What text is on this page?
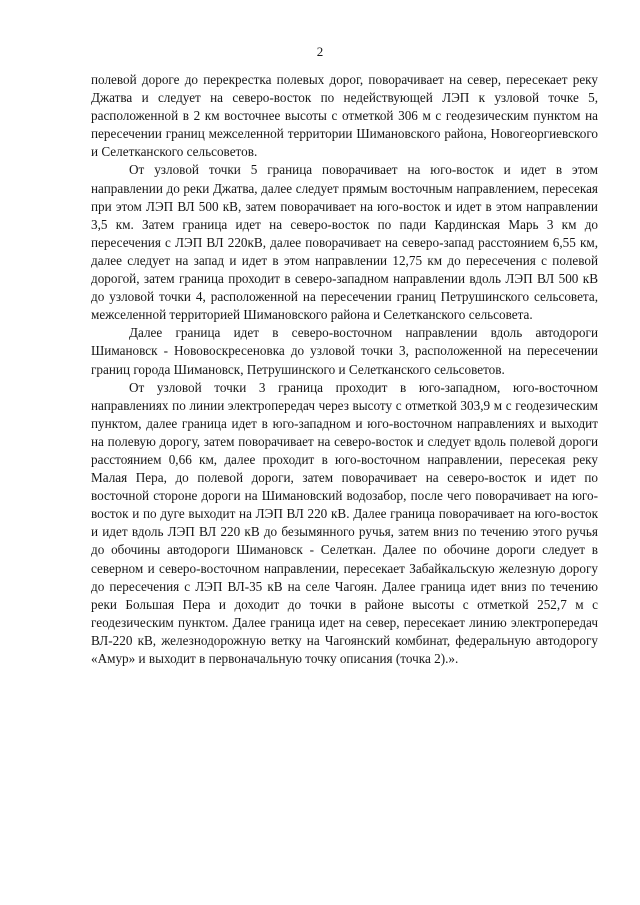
2

полевой дороге до перекрестка полевых дорог, поворачивает на север, пересекает реку Джатва и следует на северо-восток по недействующей ЛЭП к узловой точке 5, расположенной в 2 км восточнее высоты с отметкой 306 м с геодезическим пунктом на пересечении границ межселенной территории Шимановского района, Новогеоргиевского и Селетканского сельсоветов.

От узловой точки 5 граница поворачивает на юго-восток и идет в этом направлении до реки Джатва, далее следует прямым восточным направлением, пересекая при этом ЛЭП ВЛ 500 кВ, затем поворачивает на юго-восток и идет в этом направлении 3,5 км. Затем граница идет на северо-восток по пади Кардинская Марь 3 км до пересечения с ЛЭП ВЛ 220кВ, далее поворачивает на северо-запад расстоянием 6,55 км, далее следует на запад и идет в этом направлении 12,75 км до пересечения с полевой дорогой, затем граница проходит в северо-западном направлении вдоль ЛЭП ВЛ 500 кВ до узловой точки 4, расположенной на пересечении границ Петрушинского сельсовета, межселенной территорией Шимановского района и Селетканского сельсовета.

Далее граница идет в северо-восточном направлении вдоль автодороги Шимановск - Нововоскресеновка до узловой точки 3, расположенной на пересечении границ города Шимановск, Петрушинского и Селетканского сельсоветов.

От узловой точки 3 граница проходит в юго-западном, юго-восточном направлениях по линии электропередач через высоту с отметкой 303,9 м с геодезическим пунктом, далее граница идет в юго-западном и юго-восточном направлениях и выходит на полевую дорогу, затем поворачивает на северо-восток и следует вдоль полевой дороги расстоянием 0,66 км, далее проходит в юго-восточном направлении, пересекая реку Малая Пера, до полевой дороги, затем поворачивает на северо-восток и идет по восточной стороне дороги на Шимановский водозабор, после чего поворачивает на юго-восток и по дуге выходит на ЛЭП ВЛ 220 кВ. Далее граница поворачивает на юго-восток и идет вдоль ЛЭП ВЛ 220 кВ до безымянного ручья, затем вниз по течению этого ручья до обочины автодороги Шимановск - Селеткан. Далее по обочине дороги следует в северном и северо-восточном направлении, пересекает Забайкальскую железную дорогу до пересечения с ЛЭП ВЛ-35 кВ на селе Чагоян. Далее граница идет вниз по течению реки Большая Пера и доходит до точки в районе высоты с отметкой 252,7 м с геодезическим пунктом. Далее граница идет на север, пересекает линию электропередач ВЛ-220 кВ, железнодорожную ветку на Чагоянский комбинат, федеральную автодорогу «Амур» и выходит в первоначальную точку описания (точка 2).».
